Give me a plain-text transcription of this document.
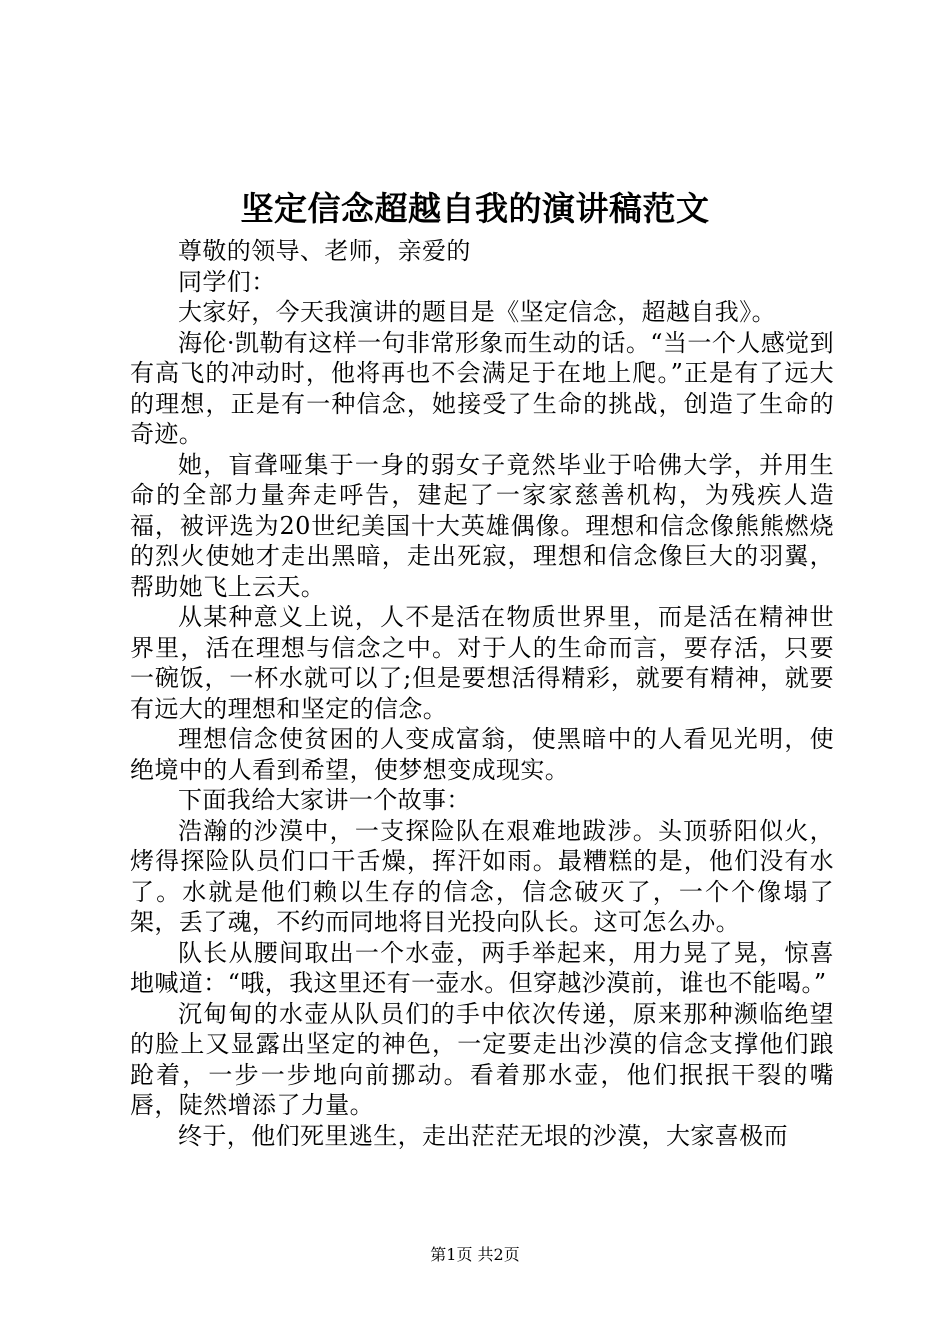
坚定信念超越自我的演讲稿范文

尊敬的领导、老师，亲爱的

同学们：

大家好，今天我演讲的题目是《坚定信念，超越自我》。

海伦·凯勒有这样一句非常形象而生动的话。“当一个人感觉到有高飞的冲动时，他将再也不会满足于在地上爬。”正是有了远大的理想，正是有一种信念，她接受了生命的挑战，创造了生命的奇迹。

她，盲聋哑集于一身的弱女子竟然毕业于哈佛大学，并用生命的全部力量奔走呼告，建起了一家家慈善机构，为残疾人造福，被评选为20世纪美国十大英雄偶像。理想和信念像熊熊燃烧的烈火使她才走出黑暗，走出死寂，理想和信念像巨大的羽翼，帮助她飞上云天。

从某种意义上说，人不是活在物质世界里，而是活在精神世界里，活在理想与信念之中。对于人的生命而言，要存活，只要一碗饭，一杯水就可以了;但是要想活得精彩，就要有精神，就要有远大的理想和坚定的信念。

理想信念使贫困的人变成富翁，使黑暗中的人看见光明，使绝境中的人看到希望，使梦想变成现实。

下面我给大家讲一个故事：

浩瀚的沙漠中，一支探险队在艰难地跋涉。头顶骄阳似火，烤得探险队员们口干舌燥，挥汗如雨。最糟糕的是，他们没有水了。水就是他们赖以生存的信念，信念破灭了，一个个像塌了架，丢了魂，不约而同地将目光投向队长。这可怎么办。

队长从腰间取出一个水壶，两手举起来，用力晃了晃，惊喜地喊道：“哦，我这里还有一壶水。但穿越沙漠前，谁也不能喝。”

沉甸甸的水壶从队员们的手中依次传递，原来那种濒临绝望的脸上又显露出坚定的神色，一定要走出沙漠的信念支撑他们踉跄着，一步一步地向前挪动。看着那水壶，他们抿抿干裂的嘴唇，陡然增添了力量。

终于，他们死里逃生，走出茫茫无垠的沙漠，大家喜极而

第1页 共2页
